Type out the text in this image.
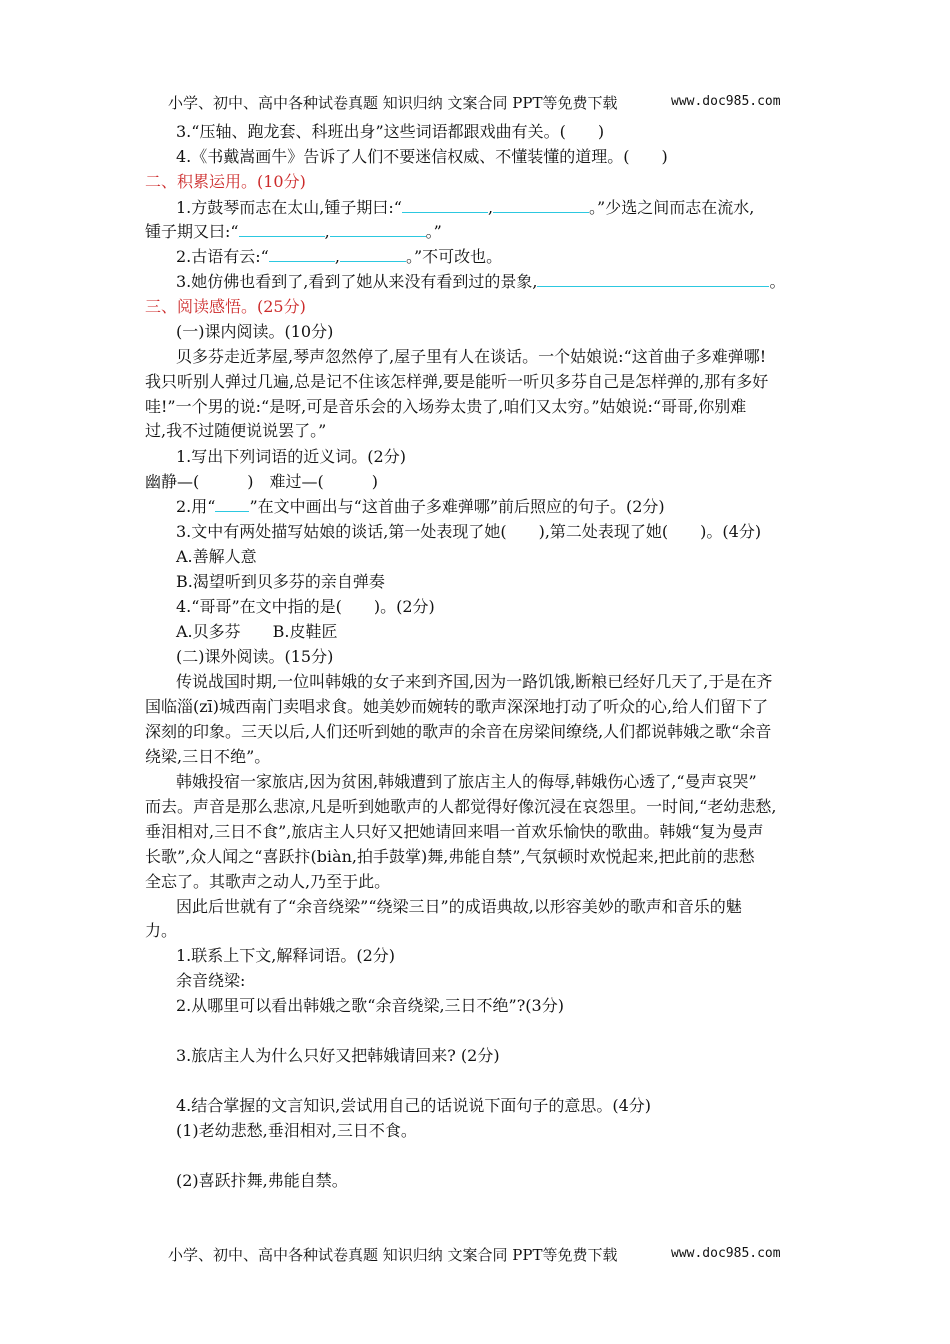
小学、初中、高中各种试卷真题 知识归纳 文案合同 PPT等免费下载	www.doc985.com
3.“压轴、跑龙套、科班出身”这些词语都跟戏曲有关。(　　)
4.《书戴嵩画牛》告诉了人们不要迷信权威、不懂装懂的道理。(　　)
二、积累运用。(10分)
1.方鼓琴而志在太山,锺子期曰:“	,	。”少选之间而志在流水,
锺子期又曰:“	,	。”
2.古语有云:“	,	。”不可改也。
3.她仿佛也看到了,看到了她从来没有看到过的景象,	。
三、阅读感悟。(25分)
(一)课内阅读。(10分)
贝多芬走近茅屋,琴声忽然停了,屋子里有人在谈话。一个姑娘说:“这首曲子多难弹哪!
我只听别人弹过几遍,总是记不住该怎样弹,要是能听一听贝多芬自己是怎样弹的,那有多好
哇!”一个男的说:“是呀,可是音乐会的入场券太贵了,咱们又太穷。”姑娘说:“哥哥,你别难
过,我不过随便说说罢了。”
1.写出下列词语的近义词。(2分)
幽静—(　　　)　难过—(　　　)
2.用“ ”在文中画出与“这首曲子多难弹哪”前后照应的句子。(2分)
3.文中有两处描写姑娘的谈话,第一处表现了她(　　),第二处表现了她(　　)。(4分)
A.善解人意
B.渴望听到贝多芬的亲自弹奏
4.“哥哥”在文中指的是(　　)。(2分)
A.贝多芬　　B.皮鞋匠
(二)课外阅读。(15分)
传说战国时期,一位叫韩娥的女子来到齐国,因为一路饥饿,断粮已经好几天了,于是在齐
国临淄(zī)城西南门卖唱求食。她美妙而婉转的歌声深深地打动了听众的心,给人们留下了
深刻的印象。三天以后,人们还听到她的歌声的余音在房梁间缭绕,人们都说韩娥之歌“余音
绕梁,三日不绝”。
韩娥投宿一家旅店,因为贫困,韩娥遭到了旅店主人的侮辱,韩娥伤心透了,“曼声哀哭”
而去。声音是那么悲凉,凡是听到她歌声的人都觉得好像沉浸在哀怨里。一时间,“老幼悲愁,
垂泪相对,三日不食”,旅店主人只好又把她请回来唱一首欢乐愉快的歌曲。韩娥“复为曼声
长歌”,众人闻之“喜跃抃(biàn,拍手鼓掌)舞,弗能自禁”,气氛顿时欢悦起来,把此前的悲愁
全忘了。其歌声之动人,乃至于此。
因此后世就有了“余音绕梁”“绕梁三日”的成语典故,以形容美妙的歌声和音乐的魅
力。
1.联系上下文,解释词语。(2分)
余音绕梁:
2.从哪里可以看出韩娥之歌“余音绕梁,三日不绝”?(3分)
3.旅店主人为什么只好又把韩娥请回来? (2分)
4.结合掌握的文言知识,尝试用自己的话说说下面句子的意思。(4分)
(1)老幼悲愁,垂泪相对,三日不食。
(2)喜跃抃舞,弗能自禁。
小学、初中、高中各种试卷真题 知识归纳 文案合同 PPT等免费下载	www.doc985.com
